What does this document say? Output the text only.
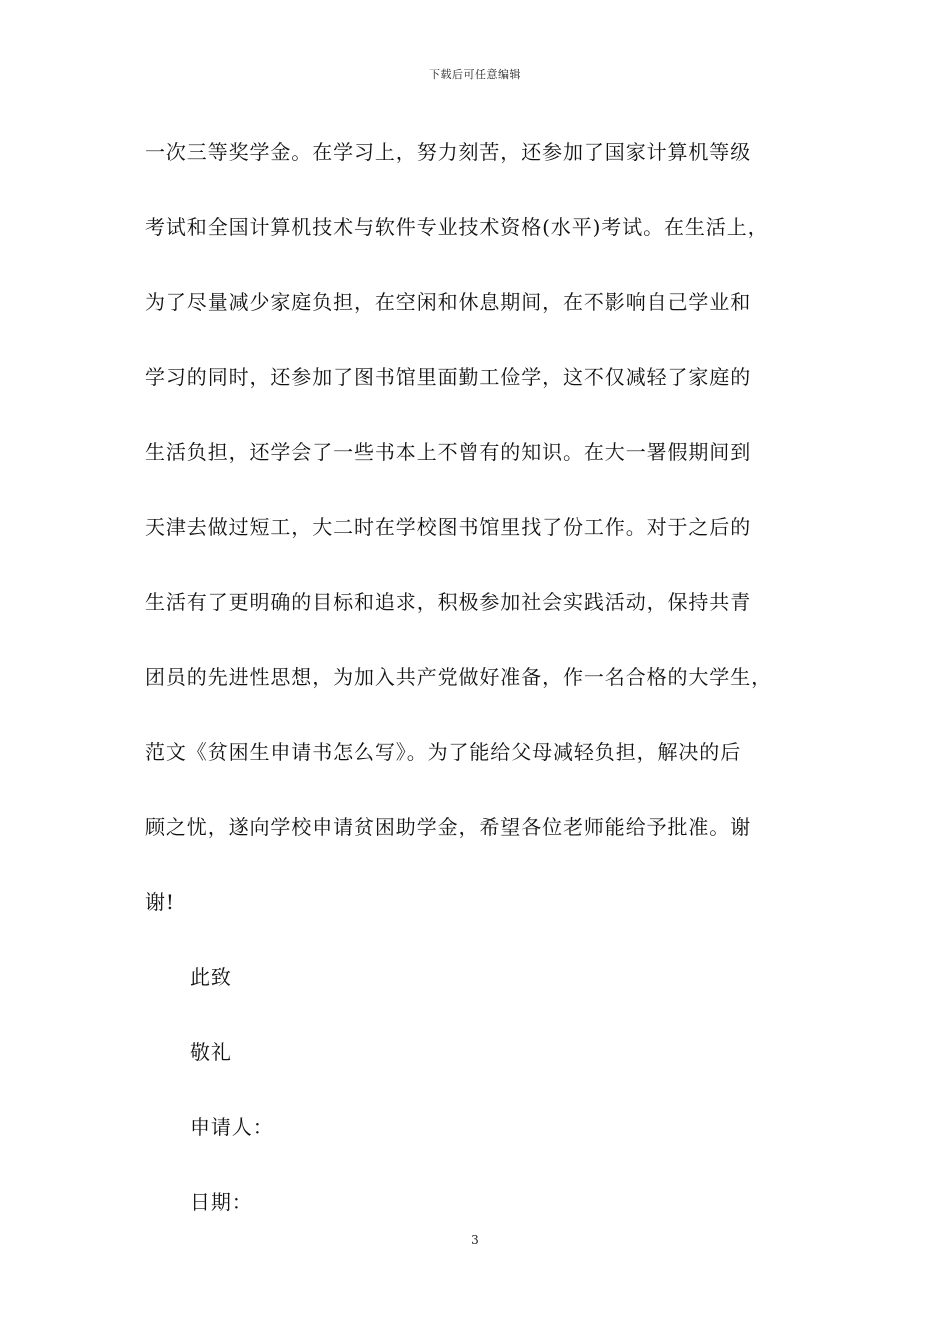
下载后可任意编辑
一次三等奖学金。在学习上，努力刻苦，还参加了国家计算机等级
考试和全国计算机技术与软件专业技术资格(水平)考试。在生活上，
为了尽量减少家庭负担，在空闲和休息期间，在不影响自己学业和
学习的同时，还参加了图书馆里面勤工俭学，这不仅减轻了家庭的
生活负担，还学会了一些书本上不曾有的知识。在大一署假期间到
天津去做过短工，大二时在学校图书馆里找了份工作。对于之后的
生活有了更明确的目标和追求，积极参加社会实践活动，保持共青
团员的先进性思想，为加入共产党做好准备，作一名合格的大学生，
范文《贫困生申请书怎么写》。为了能给父母减轻负担，解决的后
顾之忧，遂向学校申请贫困助学金，希望各位老师能给予批准。谢
谢!
此致
敬礼
申请人：
日期：
3
